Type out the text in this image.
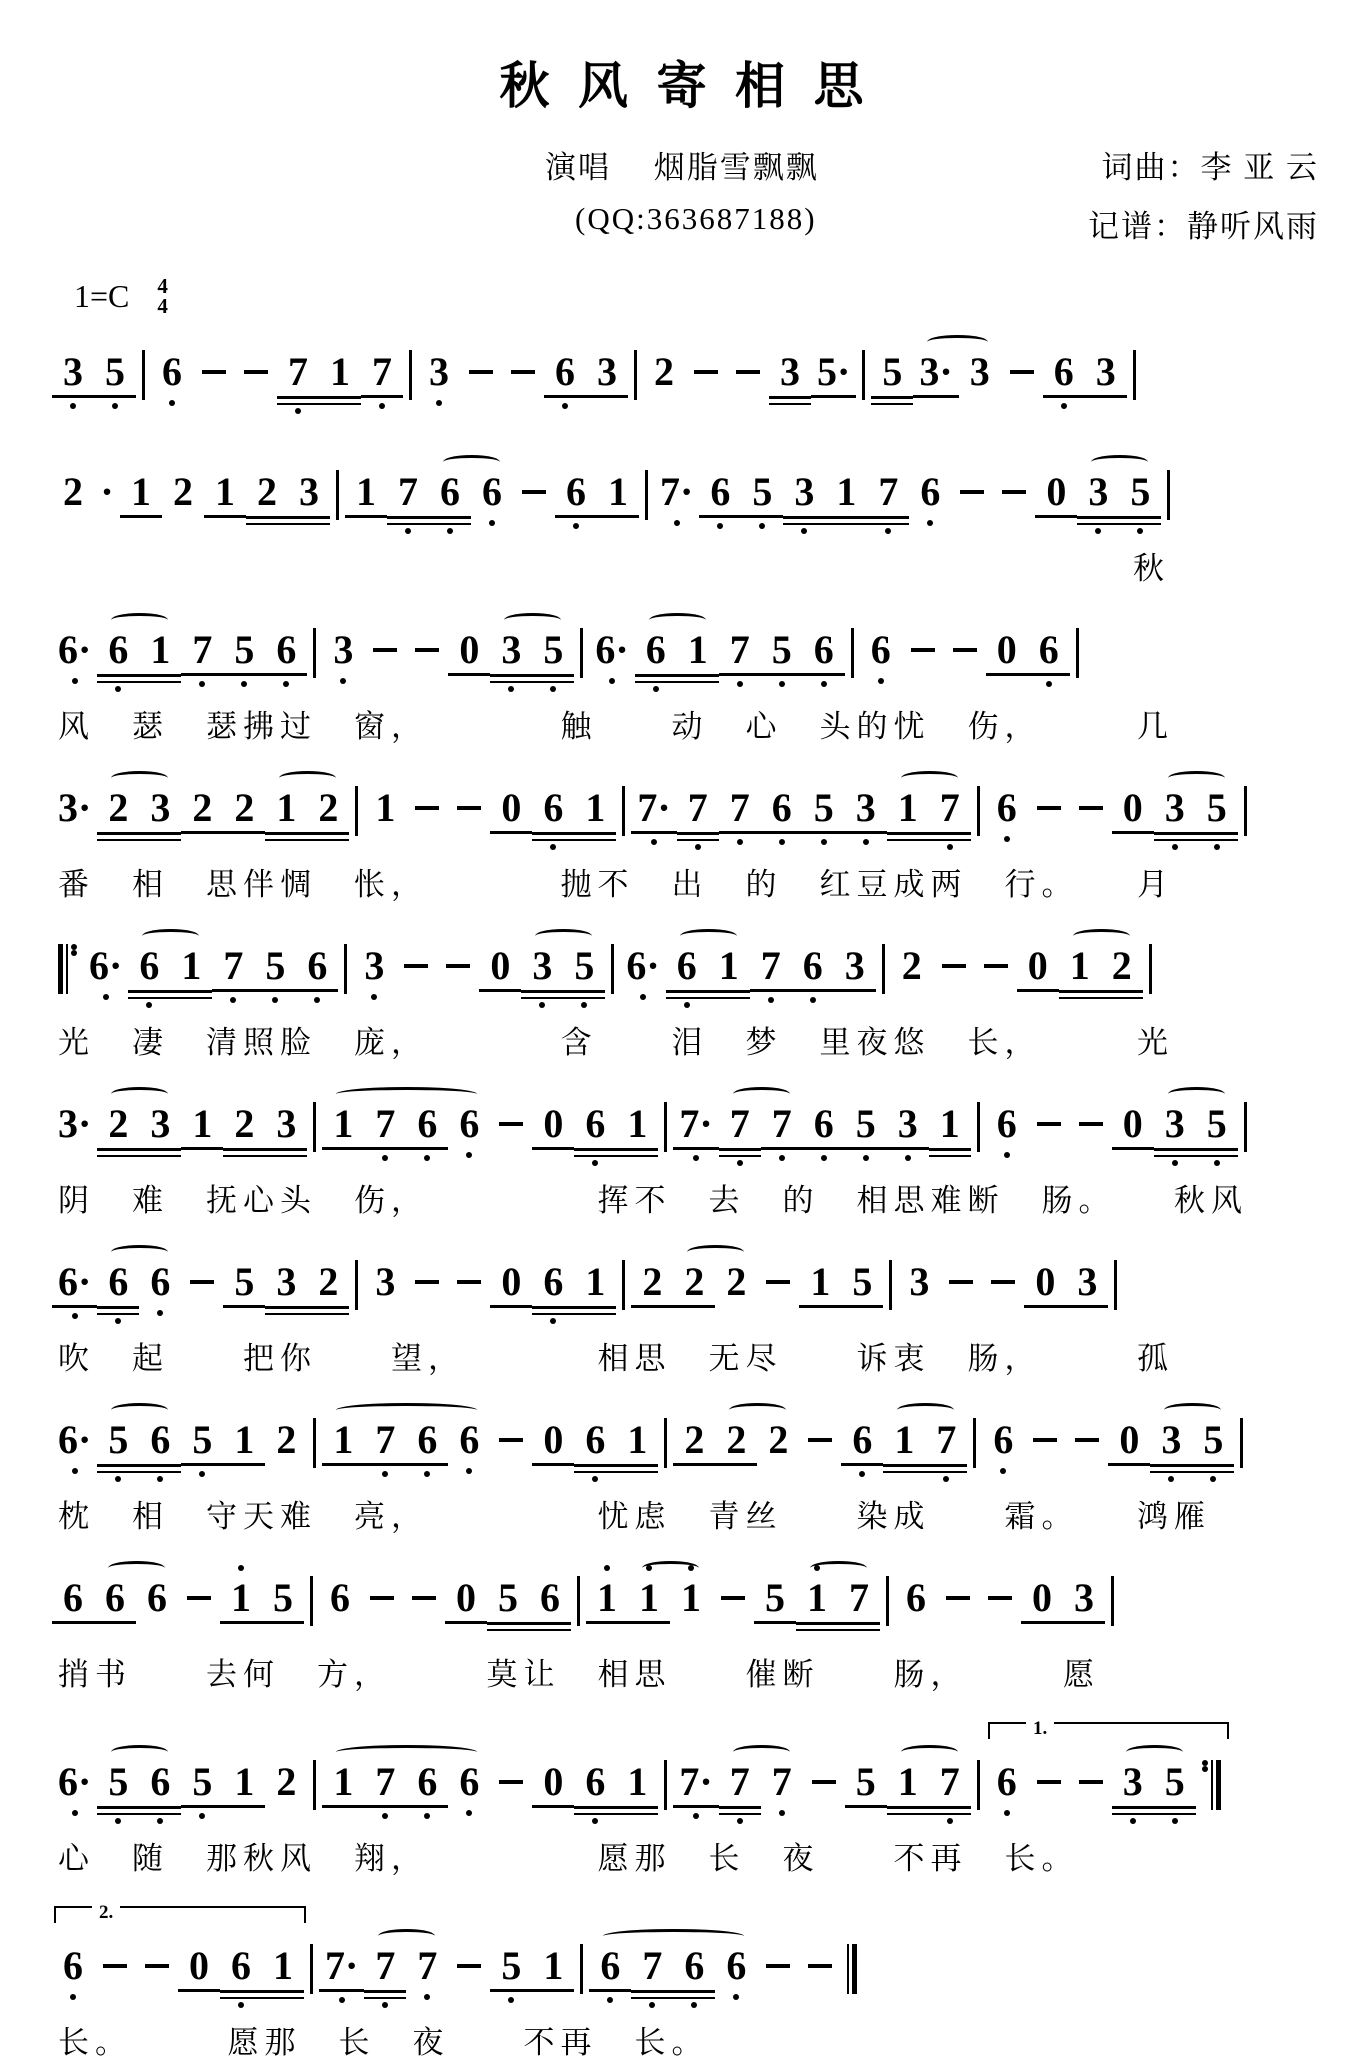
秋 风 寄 相 思
演唱　 烟脂雪飘飘	词曲：李 亚 云
(QQ:363687188)	记谱：静听风雨
1=C 4
4
3 5 6	7 1 7 3	6 3 2	3 5· 5 3· 3 6 3
2 · 1 2 1 2 3 1 7 6 6 6 1 7· 6 5 3 1 7 6	0 3 5
秋
6· 6 1 7 5 6 3	0 3 5 6· 6 1 7 5 6 6	0 6
风　瑟　瑟拂过　窗，　　　　触　　动　心　头的忧　伤，　　　几
3· 2 3 2 2 1 2 1	0 6 1 7· 7 7 6 5 3 1 7 6	0 3 5
番　相　思伴惆　怅，　　　　抛不　出　的　红豆成两　行。　　月
6· 6 1 7 5 6 3	0 3 5 6· 6 1 7 6 3 2	0 1 2
光　凄　清照脸　庞，　　　　含　　泪　梦　里夜悠　长，　　　光
3· 2 3 1 2 3 1 7 6 6 0 6 1 7· 7 7 6 5 3 1 6	0 3 5
阴　难　抚心头　伤，　　　　　挥不　去　的　相思难断　肠。　　秋风
6· 6 6 5 3 2 3	0 6 1 2 2 2 1 5 3	0 3
吹　起　　把你　　望，　　　　相思　无尽　　诉衷　肠，　　　孤
6· 5 6 5 1 2 1 7 6 6 0 6 1 2 2 2 6 1 7 6	0 3 5
枕　相　守天难　亮，　　　　　忧虑　青丝　　染成　　霜。　　鸿雁
6 6 6 1 5 6	0 5 6 1 1 1 5 1 7 6	0 3
捎书　　去何　方，　　　莫让　相思　　催断　　肠，　　　愿
6· 5 6 5 1 2 1 7 6 6 0 6 1 7· 7 7 5 1 7 6	3 5
1.
心　随　那秋风　翔，　　　　　愿那　长　夜　　不再　长。
6	0 6 1 7· 7 7 5 1 6 7 6 6
2.
长。　　　愿那　长　夜　　不再　长。
